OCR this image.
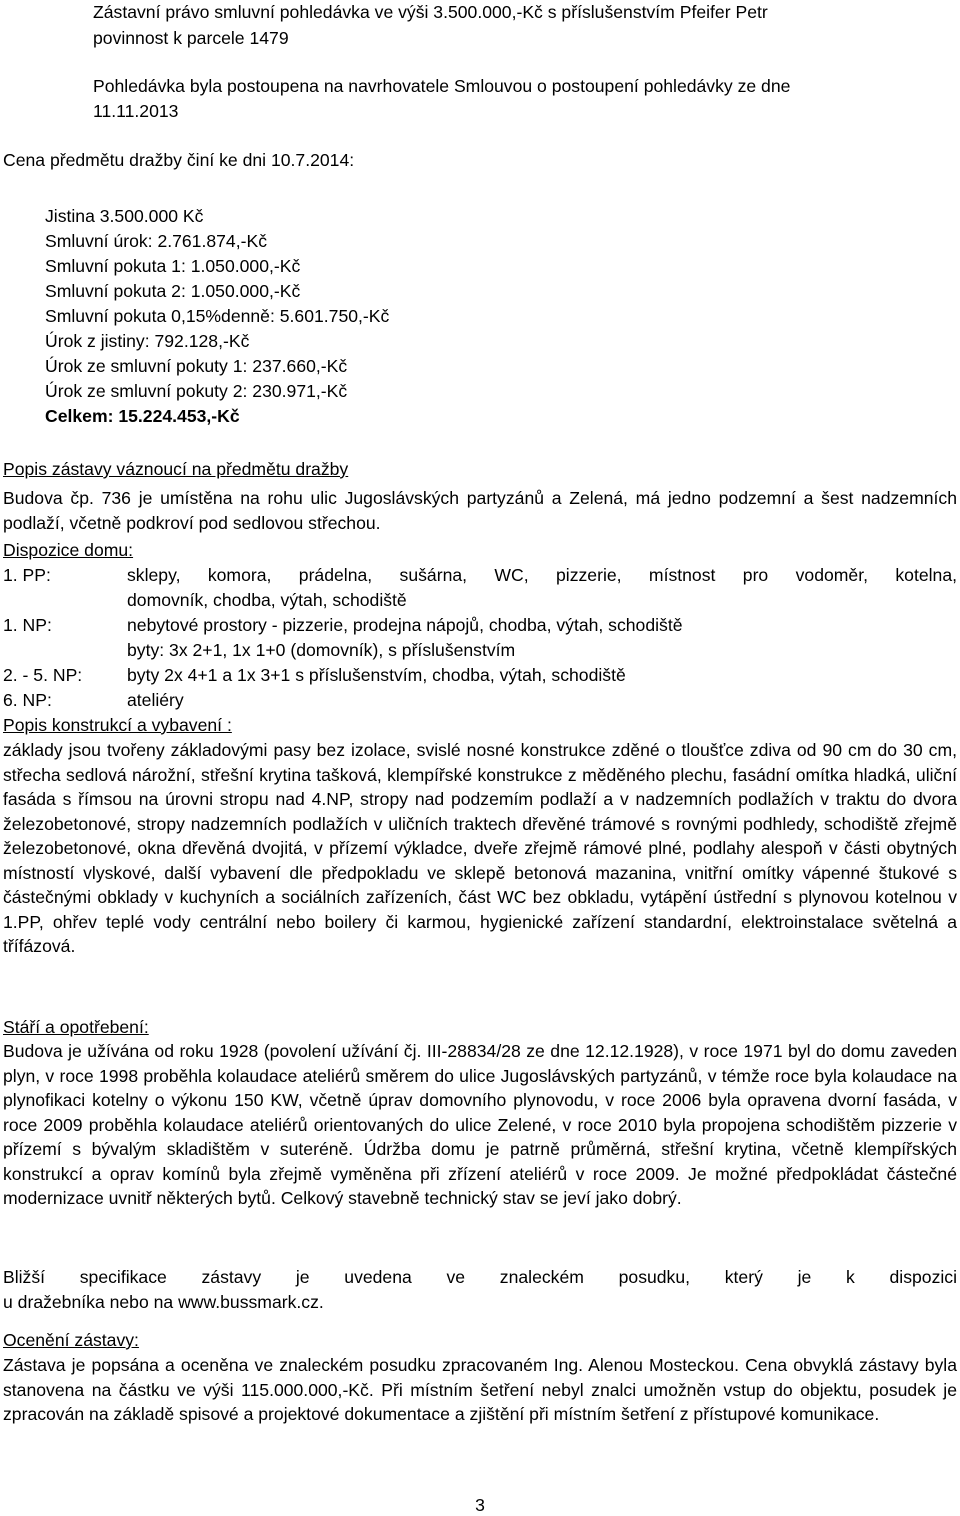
Zástavní právo smluvní pohledávka ve výši 3.500.000,-Kč s příslušenstvím Pfeifer Petr
povinnost k parcele 1479
Pohledávka byla postoupena na navrhovatele Smlouvou o postoupení pohledávky ze dne
11.11.2013
Cena předmětu dražby činí ke dni 10.7.2014:
Jistina 3.500.000 Kč
Smluvní úrok: 2.761.874,-Kč
Smluvní pokuta 1: 1.050.000,-Kč
Smluvní pokuta 2: 1.050.000,-Kč
Smluvní pokuta 0,15%denně: 5.601.750,-Kč
Úrok z jistiny: 792.128,-Kč
Úrok ze smluvní pokuty 1: 237.660,-Kč
Úrok ze smluvní pokuty 2: 230.971,-Kč
Celkem: 15.224.453,-Kč
Popis zástavy váznoucí na předmětu dražby
Budova čp. 736 je umístěna na rohu ulic Jugoslávských partyzánů a Zelená, má jedno podzemní a šest nadzemních podlaží, včetně podkroví pod sedlovou střechou.
Dispozice domu:
1. PP:	sklepy, komora, prádelna, sušárna, WC, pizzerie, místnost pro vodoměr, kotelna,
domovník, chodba, výtah, schodiště
1. NP:	nebytové prostory - pizzerie, prodejna nápojů, chodba, výtah, schodiště
byty: 3x 2+1, 1x 1+0 (domovník), s příslušenstvím
2. - 5. NP:	byty 2x 4+1 a 1x 3+1 s příslušenstvím, chodba, výtah, schodiště
6. NP:	ateliéry
Popis konstrukcí a vybavení :
základy jsou tvořeny základovými pasy bez izolace, svislé nosné konstrukce zděné o tloušťce zdiva od 90 cm do 30 cm, střecha sedlová nárožní, střešní krytina tašková, klempířské konstrukce z měděného plechu, fasádní omítka hladká, uliční fasáda s římsou na úrovni stropu nad 4.NP, stropy nad podzemím podlaží a v nadzemních podlažích v traktu do dvora železobetonové, stropy nadzemních podlažích v uličních traktech dřevěné trámové s rovnými podhledy, schodiště zřejmě železobetonové, okna dřevěná dvojitá, v přízemí výkladce, dveře zřejmě rámové plné, podlahy alespoň v části obytných místností vlyskové, další vybavení dle předpokladu ve sklepě betonová mazanina, vnitřní omítky vápenné štukové s částečnými obklady v kuchyních a sociálních zařízeních, část WC bez obkladu, vytápění ústřední s plynovou kotelnou v 1.PP, ohřev teplé vody centrální nebo boilery či karmou, hygienické zařízení standardní, elektroinstalace světelná a třífázová.
Stáří a opotřebení:
Budova je užívána od roku 1928 (povolení užívání čj. III-28834/28 ze dne 12.12.1928), v roce 1971 byl do domu zaveden plyn, v roce 1998 proběhla kolaudace ateliérů směrem do ulice Jugoslávských partyzánů, v témže roce byla kolaudace na plynofikaci kotelny o výkonu 150 KW, včetně úprav domovního plynovodu, v roce 2006 byla opravena dvorní fasáda, v roce 2009 proběhla kolaudace ateliérů orientovaných do ulice Zelené, v roce 2010 byla propojena schodištěm pizzerie v přízemí s bývalým skladištěm v suteréně. Údržba domu je patrně průměrná, střešní krytina, včetně klempířských konstrukcí a oprav komínů byla zřejmě vyměněna při zřízení ateliérů v roce 2009. Je možné předpokládat částečné modernizace uvnitř některých bytů. Celkový stavebně technický stav se jeví jako dobrý.
Bližší specifikace zástavy je uvedena ve znaleckém posudku, který je k dispozici
u dražebníka nebo na www.bussmark.cz.
Ocenění zástavy:
Zástava je popsána a oceněna ve znaleckém posudku zpracovaném Ing. Alenou Mosteckou. Cena obvyklá zástavy byla stanovena na částku ve výši 115.000.000,-Kč. Při místním šetření nebyl znalci umožněn vstup do objektu, posudek je zpracován na základě spisové a projektové dokumentace a zjištění při místním šetření z přístupové komunikace.
3
